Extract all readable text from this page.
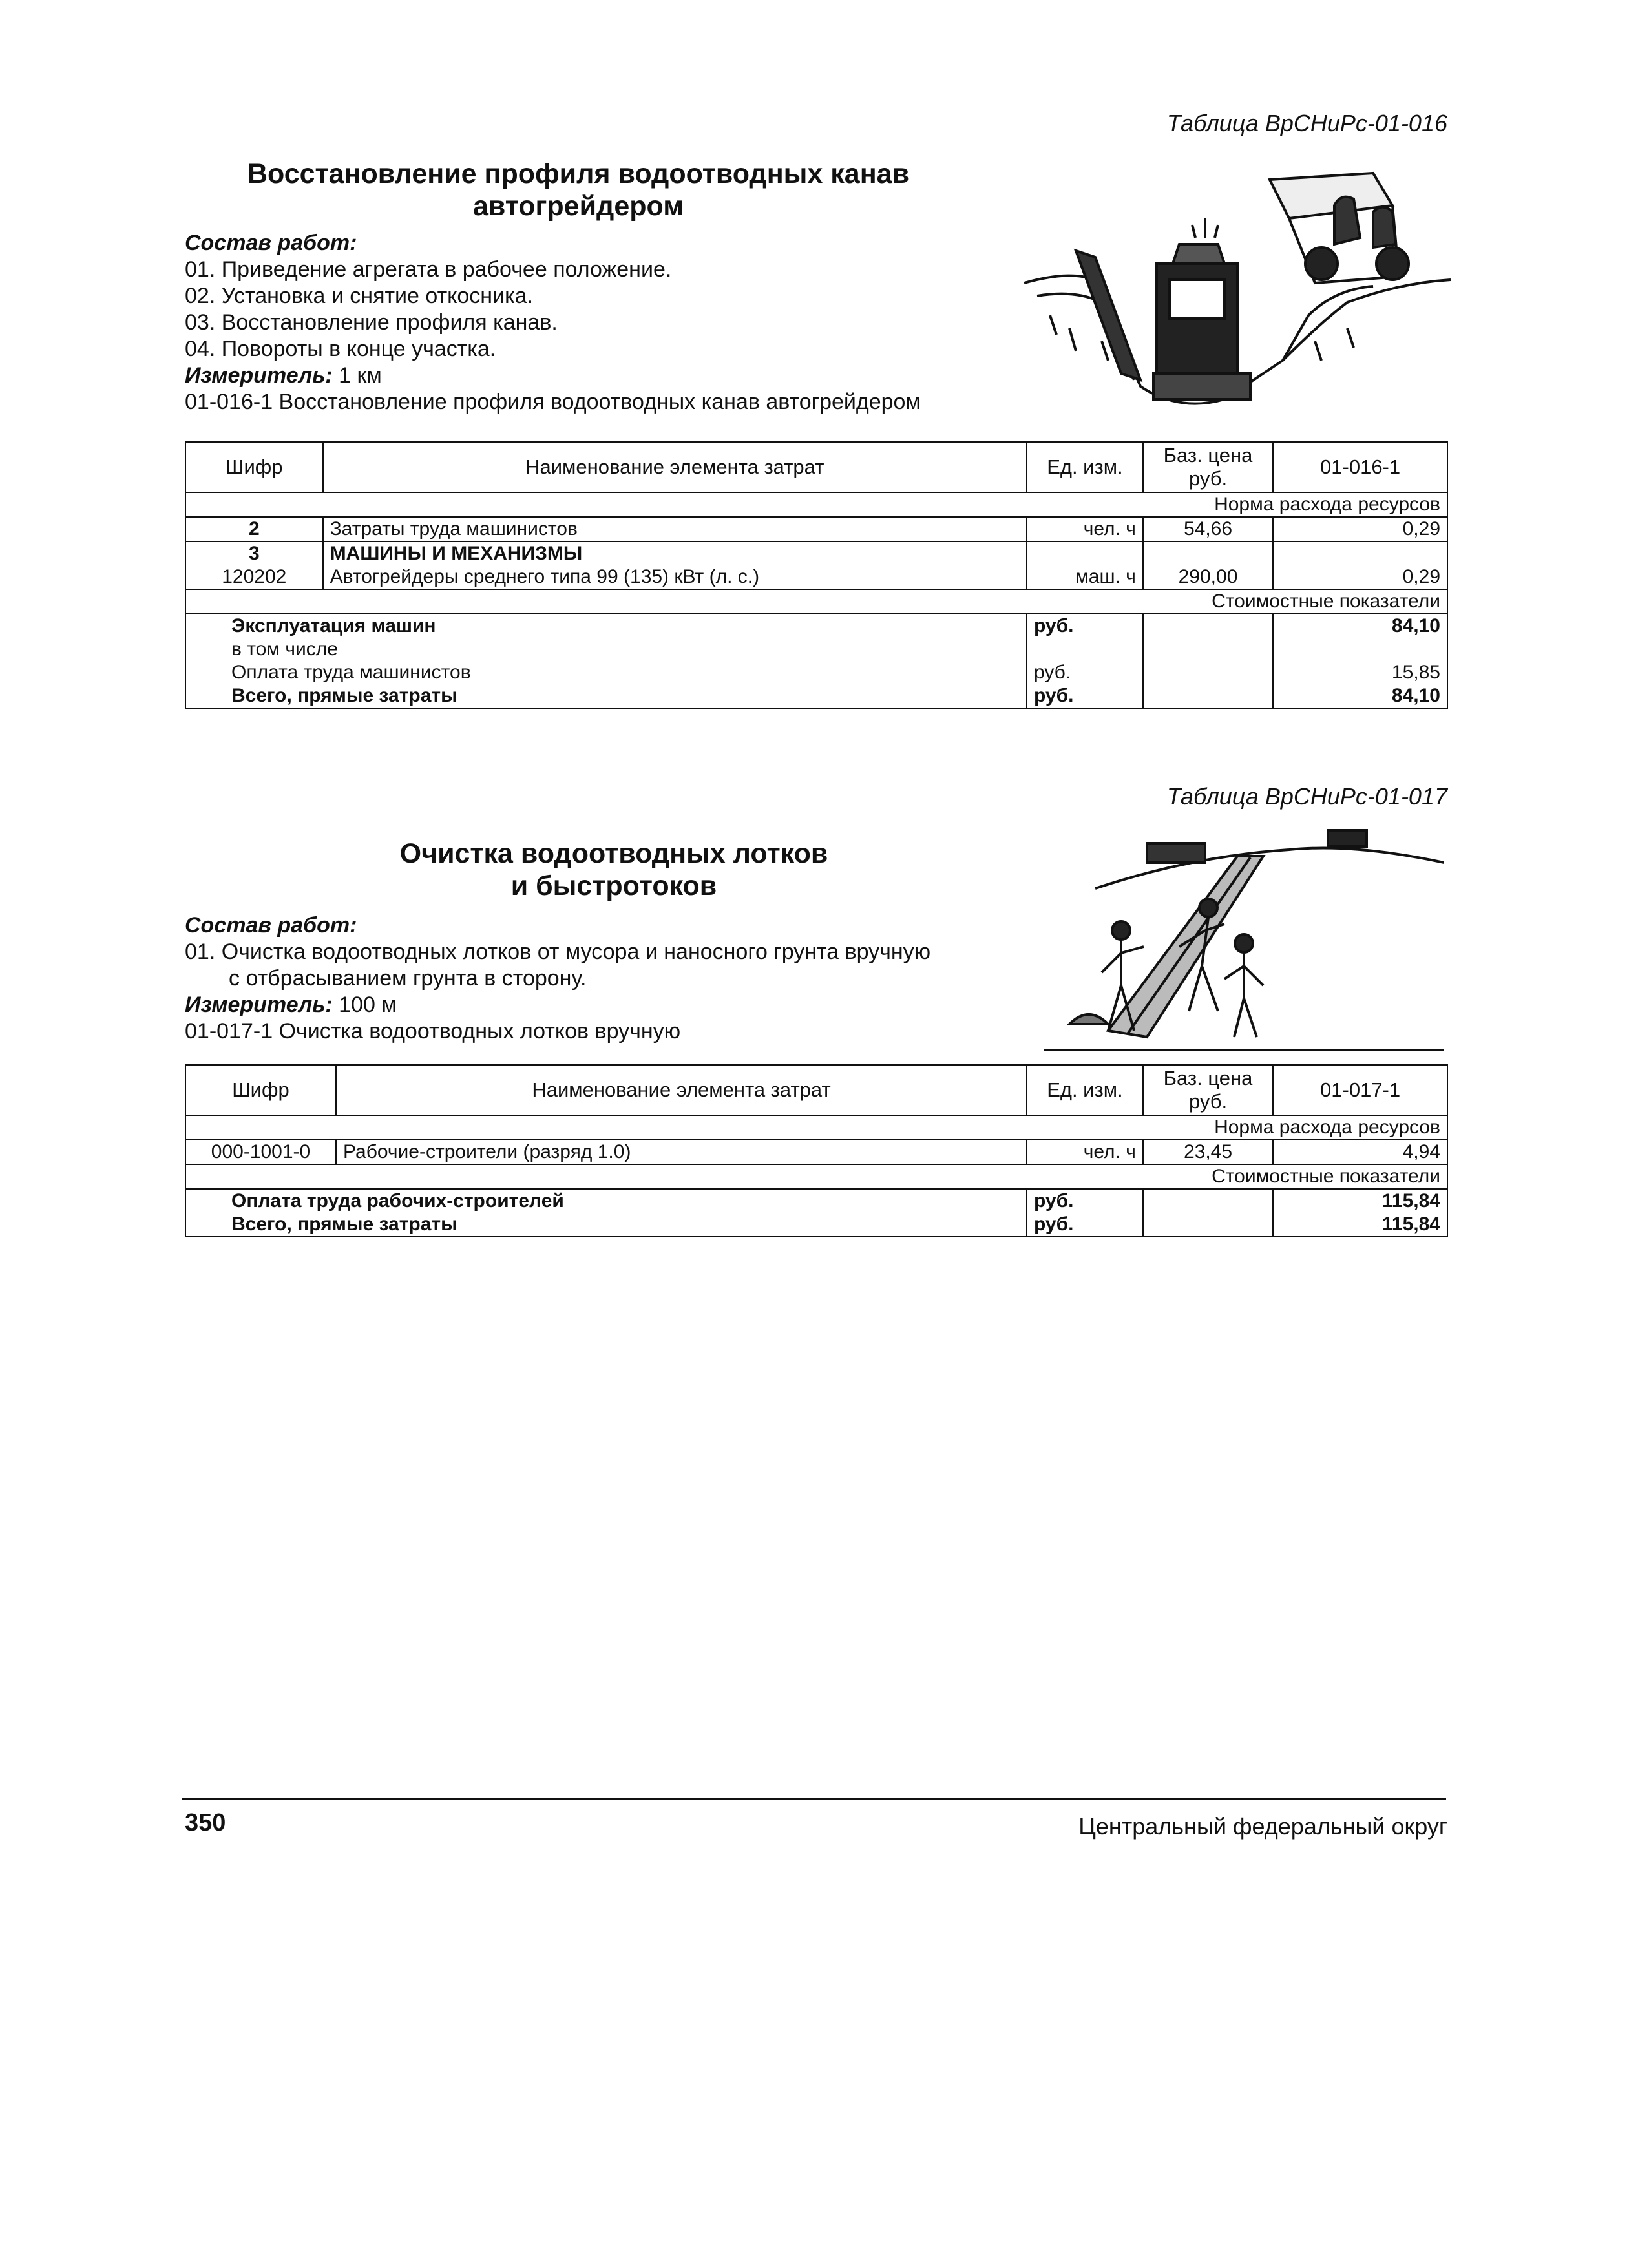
Таблица ВрСНиРс-01-016
Восстановление профиля водоотводных канав
автогрейдером
Состав работ:
01. Приведение агрегата в рабочее положение.
02. Установка и снятие откосника.
03. Восстановление профиля канав.
04. Повороты в конце участка.
Измеритель: 1 км
01-016-1 Восстановление профиля водоотводных канав автогрейдером
Шифр	Наименование элемента затрат	Ед. изм.	Баз. цена руб.	01-016-1
Норма расхода ресурсов				
2	Затраты труда машинистов	чел. ч	54,66	0,29
3	МАШИНЫ И МЕХАНИЗМЫ			
120202	Автогрейдеры среднего типа 99 (135) кВт (л. с.)	маш. ч	290,00	0,29
Стоимостные показатели				
Эксплуатация машин		руб.		84,10
в том числе				
Оплата труда машинистов		руб.		15,85
Всего, прямые затраты		руб.		84,10
Таблица ВрСНиРс-01-017
Очистка водоотводных лотков
и быстротоков
Состав работ:
01. Очистка водоотводных лотков от мусора и наносного грунта вручную
с отбрасыванием грунта в сторону.
Измеритель: 100 м
01-017-1 Очистка водоотводных лотков вручную
Шифр	Наименование элемента затрат	Ед. изм.	Баз. цена руб.	01-017-1
Норма расхода ресурсов				
000-1001-0	Рабочие-строители (разряд 1.0)	чел. ч	23,45	4,94
Стоимостные показатели				
Оплата труда рабочих-строителей		руб.		115,84
Всего, прямые затраты		руб.		115,84
350	Центральный федеральный округ
